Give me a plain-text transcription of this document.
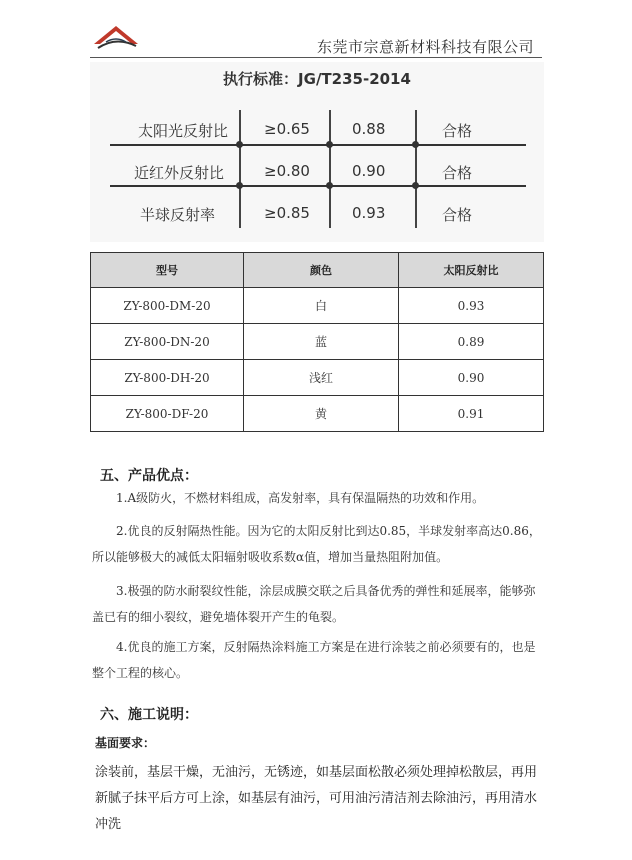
东莞市宗意新材料科技有限公司
执行标准：JG/T235-2014
太阳光反射比 ≥0.65	0.88	合格
近红外反射比	≥0.80	0.90	合格
半球反射率	≥0.85	0.93	合格
型号	颜色	太阳反射比
ZY-800-DM-20	白	0.93
ZY-800-DN-20	蓝	0.89
ZY-800-DH-20	浅红	0.90
ZY-800-DF-20	黄	0.91
五、产品优点：
1.A级防火，不燃材料组成，高发射率，具有保温隔热的功效和作用。
2.优良的反射隔热性能。因为它的太阳反射比到达0.85，半球发射率高达0.86，所以能够极大的减低太阳辐射吸收系数α值，增加当量热阻附加值。
3.极强的防水耐裂纹性能，涂层成膜交联之后具备优秀的弹性和延展率，能够弥盖已有的细小裂纹，避免墙体裂开产生的龟裂。
4.优良的施工方案，反射隔热涂料施工方案是在进行涂装之前必须要有的，也是整个工程的核心。
六、施工说明：
基面要求：
涂装前，基层干燥，无油污，无锈迹，如基层面松散必须处理掉松散层，再用新腻子抹平后方可上涂，如基层有油污，可用油污清洁剂去除油污，再用清水冲洗
